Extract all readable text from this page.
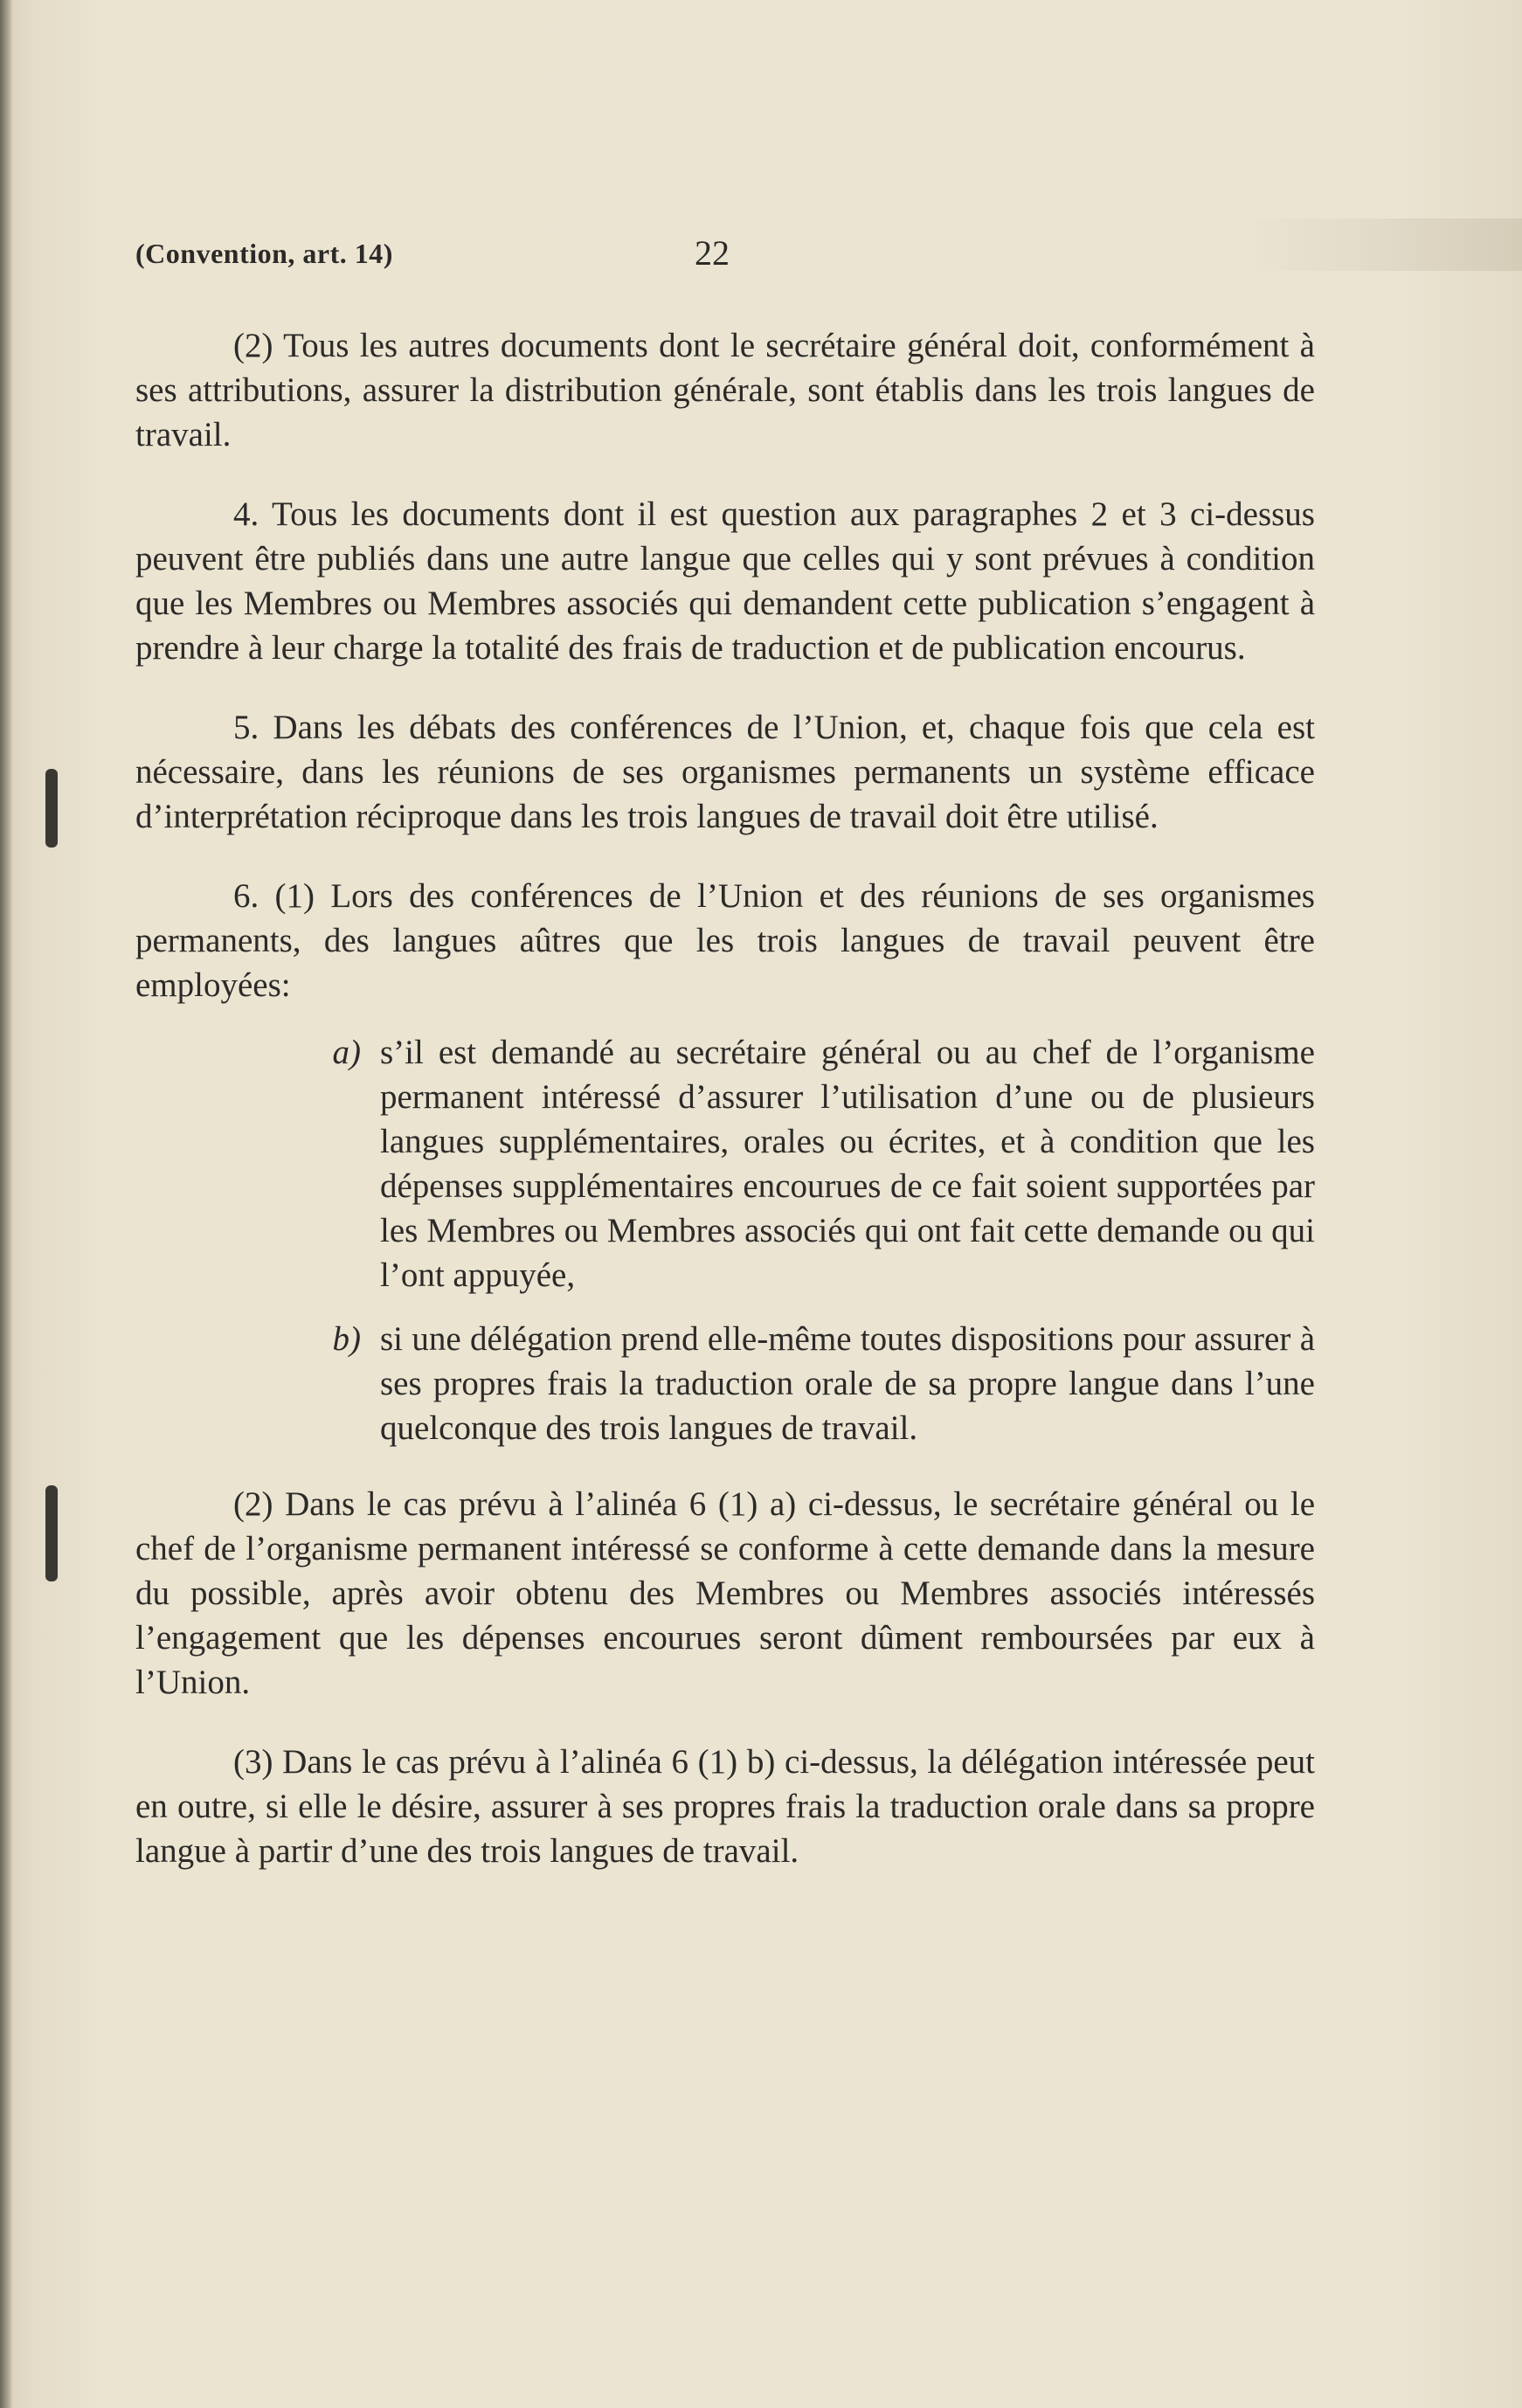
(Convention, art. 14)	22

(2) Tous les autres documents dont le secrétaire général doit, conformément à ses attributions, assurer la distribution générale, sont établis dans les trois langues de travail.

4. Tous les documents dont il est question aux paragraphes 2 et 3 ci-dessus peuvent être publiés dans une autre langue que celles qui y sont prévues à condition que les Membres ou Membres associés qui demandent cette publication s’engagent à prendre à leur charge la totalité des frais de traduction et de publication encourus.

5. Dans les débats des conférences de l’Union, et, chaque fois que cela est nécessaire, dans les réunions de ses organismes permanents un système efficace d’interprétation réciproque dans les trois langues de travail doit être utilisé.

6. (1) Lors des conférences de l’Union et des réunions de ses organismes permanents, des langues aûtres que les trois langues de travail peuvent être employées:

a) s’il est demandé au secrétaire général ou au chef de l’organisme permanent intéressé d’assurer l’utilisation d’une ou de plusieurs langues supplémentaires, orales ou écrites, et à condition que les dépenses supplémentaires encourues de ce fait soient supportées par les Membres ou Membres associés qui ont fait cette demande ou qui l’ont appuyée,
b) si une délégation prend elle-même toutes dispositions pour assurer à ses propres frais la traduction orale de sa propre langue dans l’une quelconque des trois langues de travail.

(2) Dans le cas prévu à l’alinéa 6 (1) a) ci-dessus, le secrétaire général ou le chef de l’organisme permanent intéressé se conforme à cette demande dans la mesure du possible, après avoir obtenu des Membres ou Membres associés intéressés l’engagement que les dépenses encourues seront dûment remboursées par eux à l’Union.

(3) Dans le cas prévu à l’alinéa 6 (1) b) ci-dessus, la délégation intéressée peut en outre, si elle le désire, assurer à ses propres frais la traduction orale dans sa propre langue à partir d’une des trois langues de travail.
